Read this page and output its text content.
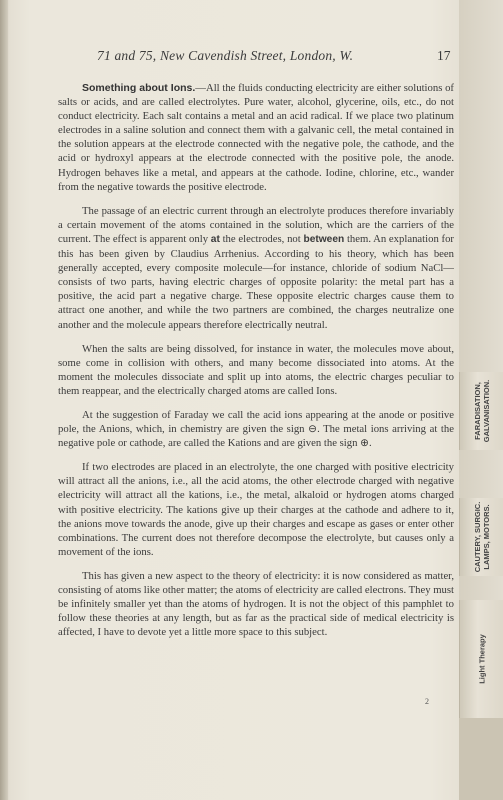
71 and 75, New Cavendish Street, London, W.	17

Something about Ions.—All the fluids conducting electricity are either solutions of salts or acids, and are called electrolytes. Pure water, alcohol, glycerine, oils, etc., do not conduct electricity. Each salt contains a metal and an acid radical. If we place two platinum electrodes in a saline solution and connect them with a galvanic cell, the metal contained in the solution appears at the electrode connected with the negative pole, the cathode, and the acid or hydroxyl appears at the electrode connected with the positive pole, the anode. Hydrogen behaves like a metal, and appears at the cathode. Iodine, chlorine, etc., wander from the negative towards the positive electrode.

The passage of an electric current through an electrolyte produces therefore invariably a certain movement of the atoms contained in the solution, which are the carriers of the current. The effect is apparent only at the electrodes, not between them. An explanation for this has been given by Claudius Arrhenius. According to his theory, which has been generally accepted, every composite molecule—for instance, chloride of sodium NaCl—consists of two parts, having electric charges of opposite polarity: the metal part has a positive, the acid part a negative charge. These opposite electric charges cause them to attract one another, and while the two partners are combined, the charges neutralize one another and the molecule appears therefore electrically neutral.

When the salts are being dissolved, for instance in water, the molecules move about, some come in collision with others, and many become dissociated into atoms. At the moment the molecules dissociate and split up into atoms, the electric charges peculiar to them reappear, and the electrically charged atoms are called Ions.

At the suggestion of Faraday we call the acid ions appearing at the anode or positive pole, the Anions, which, in chemistry are given the sign ⊖. The metal ions arriving at the negative pole or cathode, are called the Kations and are given the sign ⊕.

If two electrodes are placed in an electrolyte, the one charged with positive electricity will attract all the anions, i.e., all the acid atoms, the other electrode charged with negative electricity will attract all the kations, i.e., the metal, alkaloid or hydrogen atoms charged with positive electricity. The kations give up their charges at the cathode and adhere to it, the anions move towards the anode, give up their charges and escape as gases or enter other combinations. The current does not therefore decompose the electrolyte, but causes only a movement of the ions.

This has given a new aspect to the theory of electricity: it is now considered as matter, consisting of atoms like other matter; the atoms of electricity are called electrons. They must be infinitely smaller yet than the atoms of hydrogen. It is not the object of this pamphlet to follow these theories at any length, but as far as the practical side of medical electricity is affected, I have to devote yet a little more space to this subject.

2
FARADISATION,
GALVANISATION.
CAUTERY, SURGIC.
LAMPS, MOTORS.
Light Therapy
